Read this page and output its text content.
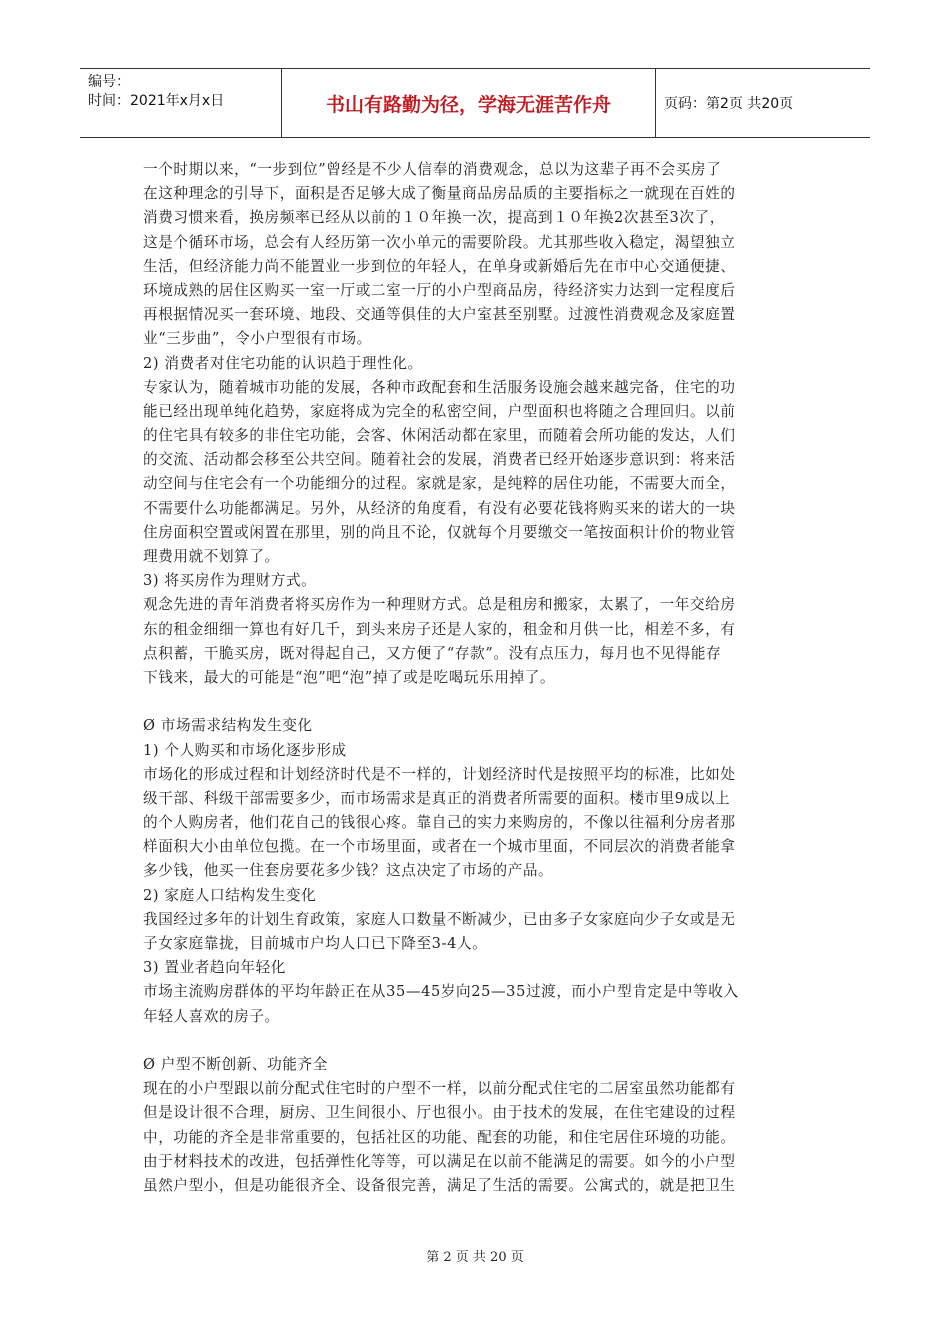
编号：
时间：2021年x月x日	书山有路勤为径，学海无涯苦作舟	页码：第2页 共20页
一个时期以来，“一步到位”曾经是不少人信奉的消费观念，总以为这辈子再不会买房了
在这种理念的引导下，面积是否足够大成了衡量商品房品质的主要指标之一就现在百姓的
消费习惯来看，换房频率已经从以前的１０年换一次，提高到１０年换2次甚至3次了，
这是个循环市场，总会有人经历第一次小单元的需要阶段。尤其那些收入稳定，渴望独立
生活，但经济能力尚不能置业一步到位的年轻人，在单身或新婚后先在市中心交通便捷、
环境成熟的居住区购买一室一厅或二室一厅的小户型商品房，待经济实力达到一定程度后
再根据情况买一套环境、地段、交通等俱佳的大户室甚至别墅。过渡性消费观念及家庭置
业“三步曲”，令小户型很有市场。
2) 消费者对住宅功能的认识趋于理性化。
专家认为，随着城市功能的发展，各种市政配套和生活服务设施会越来越完备，住宅的功
能已经出现单纯化趋势，家庭将成为完全的私密空间，户型面积也将随之合理回归。以前
的住宅具有较多的非住宅功能，会客、休闲活动都在家里，而随着会所功能的发达，人们
的交流、活动都会移至公共空间。随着社会的发展，消费者已经开始逐步意识到：将来活
动空间与住宅会有一个功能细分的过程。家就是家，是纯粹的居住功能，不需要大而全，
不需要什么功能都满足。另外，从经济的角度看，有没有必要花钱将购买来的诺大的一块
住房面积空置或闲置在那里，别的尚且不论，仅就每个月要缴交一笔按面积计价的物业管
理费用就不划算了。
3) 将买房作为理财方式。
观念先进的青年消费者将买房作为一种理财方式。总是租房和搬家，太累了，一年交给房
东的租金细细一算也有好几千，到头来房子还是人家的，租金和月供一比，相差不多，有
点积蓄，干脆买房，既对得起自己，又方便了“存款”。没有点压力，每月也不见得能存
下钱来，最大的可能是“泡”吧“泡”掉了或是吃喝玩乐用掉了。
Ø 市场需求结构发生变化
1) 个人购买和市场化逐步形成
市场化的形成过程和计划经济时代是不一样的，计划经济时代是按照平均的标准，比如处
级干部、科级干部需要多少，而市场需求是真正的消费者所需要的面积。楼市里9成以上
的个人购房者，他们花自己的钱很心疼。靠自己的实力来购房的，不像以往福利分房者那
样面积大小由单位包揽。在一个市场里面，或者在一个城市里面，不同层次的消费者能拿
多少钱，他买一住套房要花多少钱？这点决定了市场的产品。
2) 家庭人口结构发生变化
我国经过多年的计划生育政策，家庭人口数量不断减少，已由多子女家庭向少子女或是无
子女家庭靠拢，目前城市户均人口已下降至3-4人。
3) 置业者趋向年轻化
市场主流购房群体的平均年龄正在从35—45岁向25—35过渡，而小户型肯定是中等收入
年轻人喜欢的房子。
Ø 户型不断创新、功能齐全
现在的小户型跟以前分配式住宅时的户型不一样，以前分配式住宅的二居室虽然功能都有
但是设计很不合理，厨房、卫生间很小、厅也很小。由于技术的发展，在住宅建设的过程
中，功能的齐全是非常重要的，包括社区的功能、配套的功能，和住宅居住环境的功能。
由于材料技术的改进，包括弹性化等等，可以满足在以前不能满足的需要。如今的小户型
虽然户型小，但是功能很齐全、设备很完善，满足了生活的需要。公寓式的，就是把卫生
第 2 页 共 20 页
